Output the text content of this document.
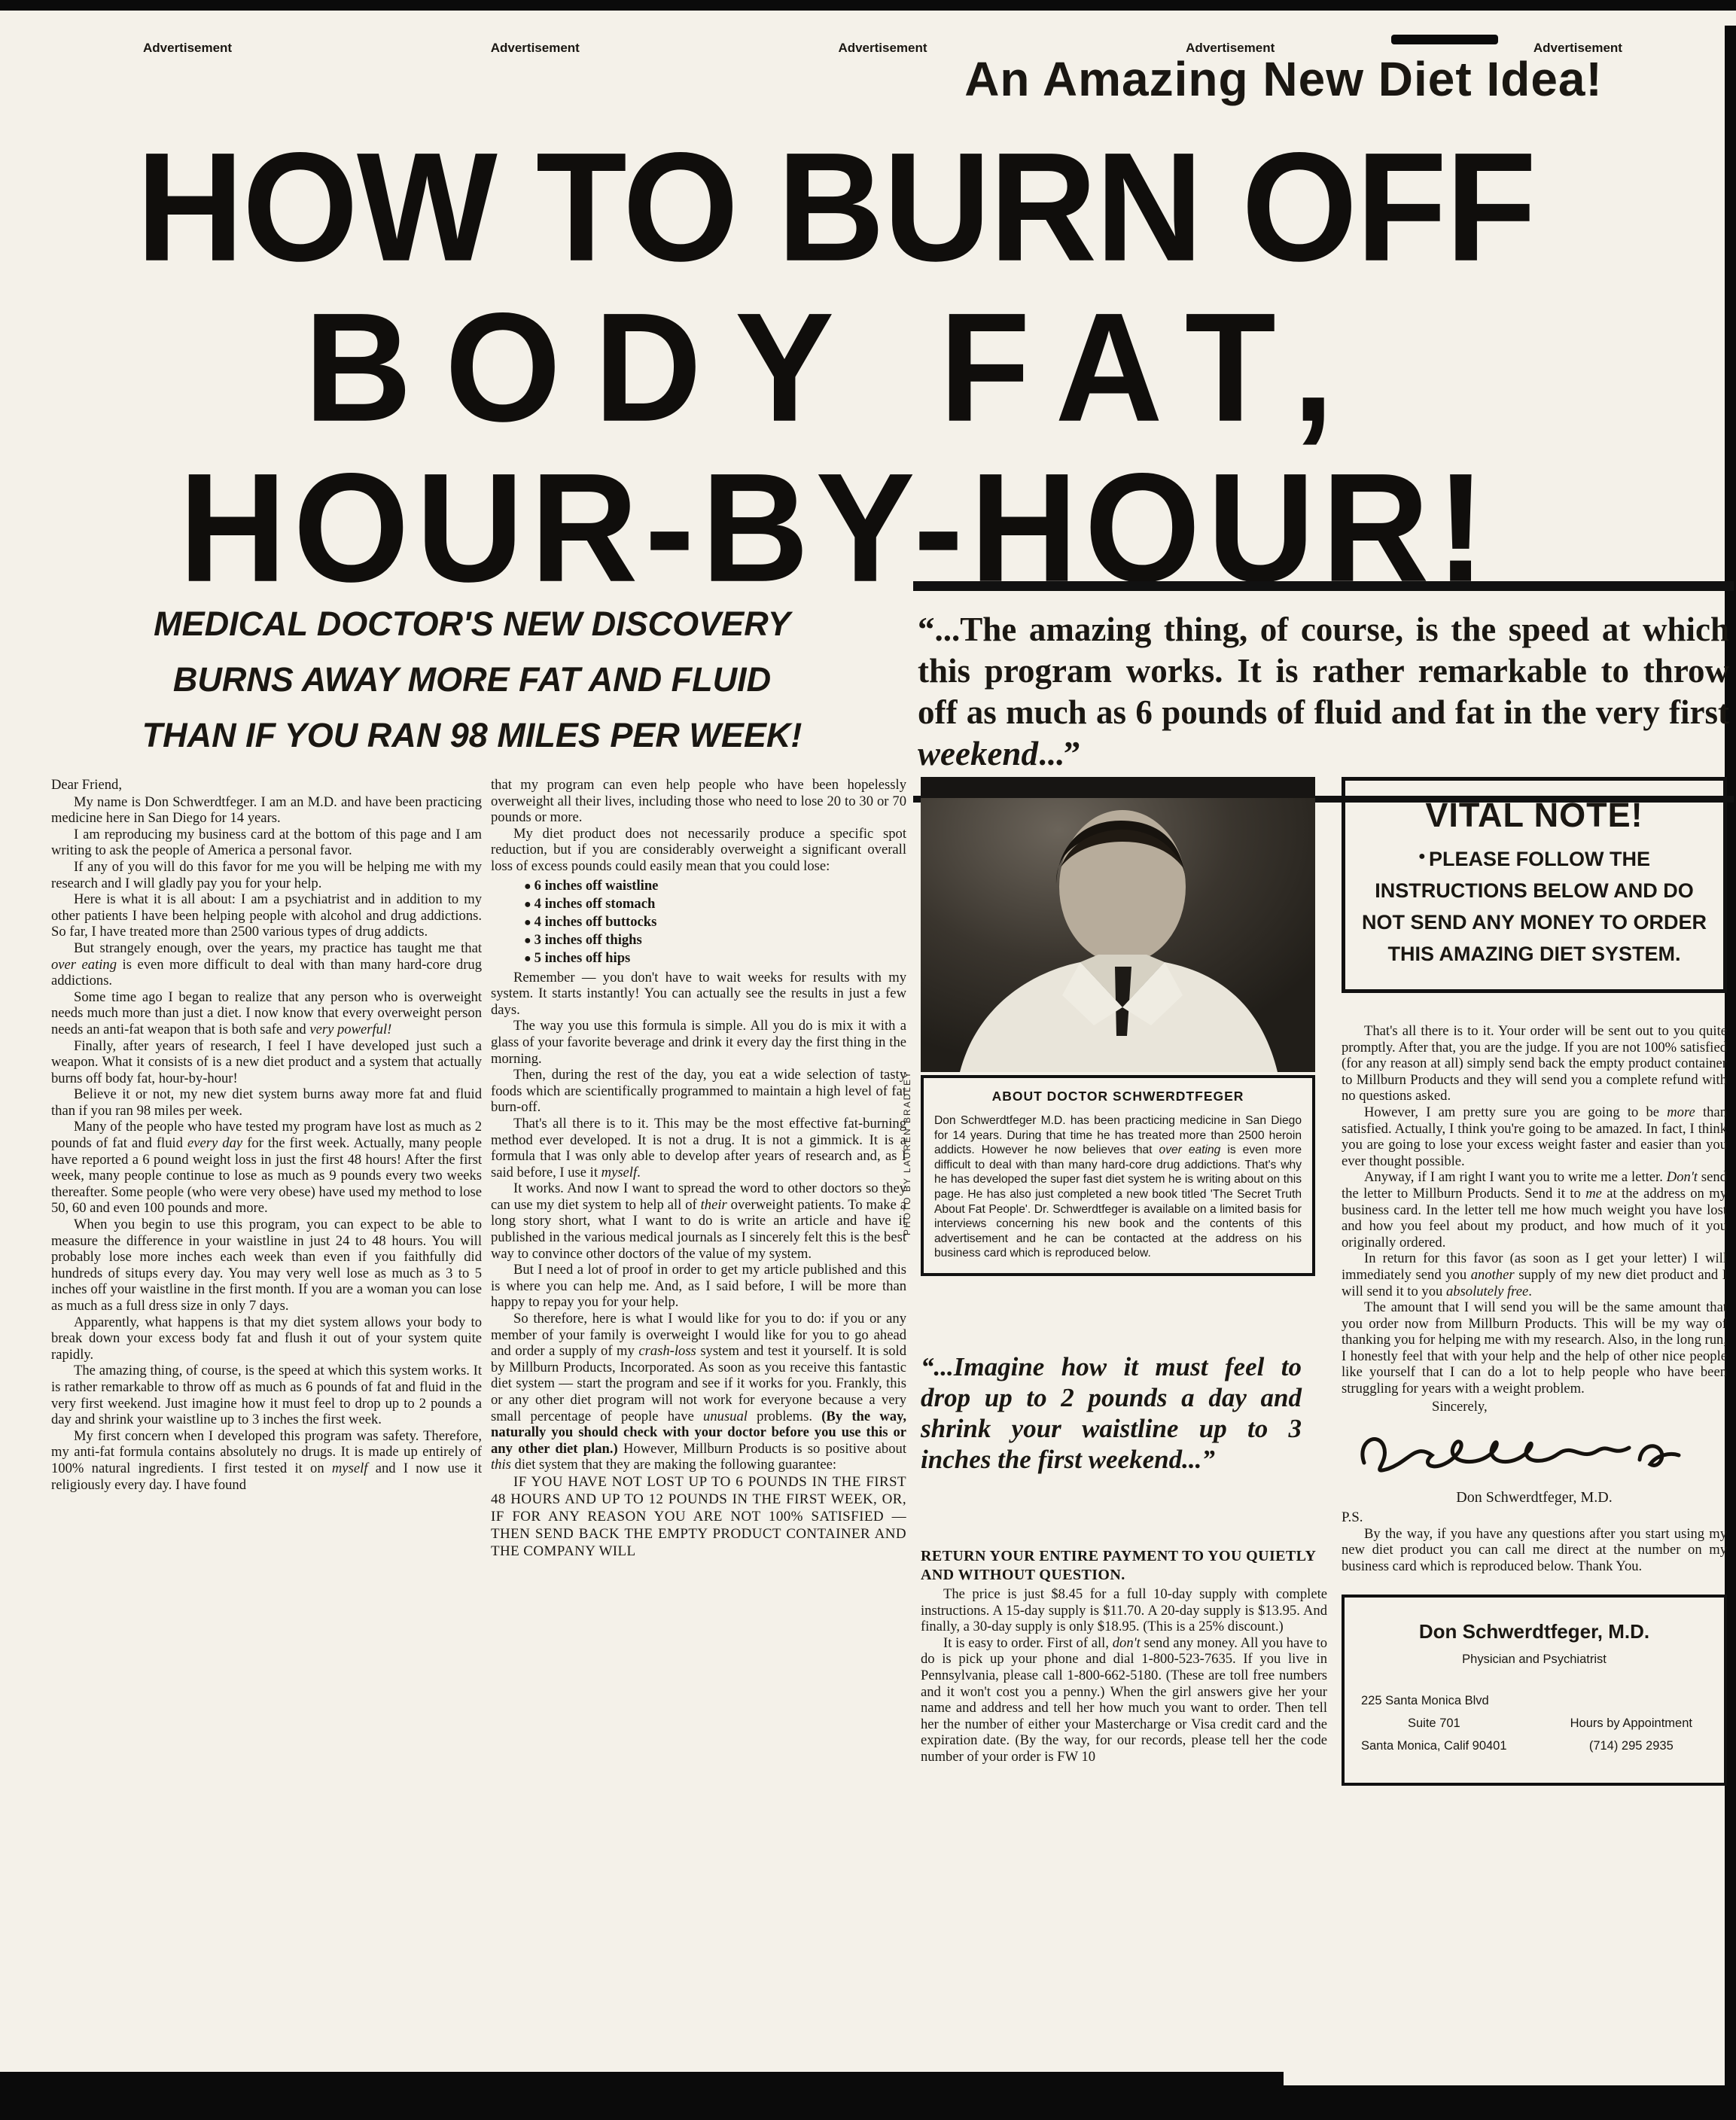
Advertisement	Advertisement	Advertisement	Advertisement	Advertisement
An Amazing New Diet Idea!
HOW TO BURN OFF
BODY FAT,
HOUR-BY-HOUR!
MEDICAL DOCTOR'S NEW DISCOVERY
BURNS AWAY MORE FAT AND FLUID
THAN IF YOU RAN 98 MILES PER WEEK!
“...The amazing thing, of course, is the speed at which this program works. It is rather remarkable to throw off as much as 6 pounds of fluid and fat in the very first weekend...”

Dear Friend,

My name is Don Schwerdtfeger. I am an M.D. and have been practicing medicine here in San Diego for 14 years.

I am reproducing my business card at the bottom of this page and I am writing to ask the people of America a personal favor.

If any of you will do this favor for me you will be helping me with my research and I will gladly pay you for your help.

Here is what it is all about: I am a psychiatrist and in addition to my other patients I have been helping people with alcohol and drug addictions. So far, I have treated more than 2500 various types of drug addicts.

But strangely enough, over the years, my practice has taught me that over eating is even more difficult to deal with than many hard-core drug addictions.

Some time ago I began to realize that any person who is overweight needs much more than just a diet. I now know that every overweight person needs an anti-fat weapon that is both safe and very powerful!

Finally, after years of research, I feel I have developed just such a weapon. What it consists of is a new diet product and a system that actually burns off body fat, hour-by-hour!

Believe it or not, my new diet system burns away more fat and fluid than if you ran 98 miles per week.

Many of the people who have tested my program have lost as much as 2 pounds of fat and fluid every day for the first week. Actually, many people have reported a 6 pound weight loss in just the first 48 hours! After the first week, many people continue to lose as much as 9 pounds every two weeks thereafter. Some people (who were very obese) have used my method to lose 50, 60 and even 100 pounds and more.

When you begin to use this program, you can expect to be able to measure the difference in your waistline in just 24 to 48 hours. You will probably lose more inches each week than even if you faithfully did hundreds of situps every day. You may very well lose as much as 3 to 5 inches off your waistline in the first month. If you are a woman you can lose as much as a full dress size in only 7 days.

Apparently, what happens is that my diet system allows your body to break down your excess body fat and flush it out of your system quite rapidly.

The amazing thing, of course, is the speed at which this system works. It is rather remarkable to throw off as much as 6 pounds of fat and fluid in the very first weekend. Just imagine how it must feel to drop up to 2 pounds a day and shrink your waistline up to 3 inches the first week.

My first concern when I developed this program was safety. Therefore, my anti-fat formula contains absolutely no drugs. It is made up entirely of 100% natural ingredients. I first tested it on myself and I now use it religiously every day. I have found

that my program can even help people who have been hopelessly overweight all their lives, including those who need to lose 20 to 30 or 70 pounds or more.

My diet product does not necessarily produce a specific spot reduction, but if you are considerably overweight a significant overall loss of excess pounds could easily mean that you could lose:

● 6 inches off waistline
● 4 inches off stomach
● 4 inches off buttocks
● 3 inches off thighs
● 5 inches off hips

Remember — you don't have to wait weeks for results with my system. It starts instantly! You can actually see the results in just a few days.

The way you use this formula is simple. All you do is mix it with a glass of your favorite beverage and drink it every day the first thing in the morning.

Then, during the rest of the day, you eat a wide selection of tasty foods which are scientifically programmed to maintain a high level of fat burn-off.

That's all there is to it. This may be the most effective fat-burning method ever developed. It is not a drug. It is not a gimmick. It is a formula that I was only able to develop after years of research and, as I said before, I use it myself.

It works. And now I want to spread the word to other doctors so they can use my diet system to help all of their overweight patients. To make a long story short, what I want to do is write an article and have it published in the various medical journals as I sincerely felt this is the best way to convince other doctors of the value of my system.

But I need a lot of proof in order to get my article published and this is where you can help me. And, as I said before, I will be more than happy to repay you for your help.

So therefore, here is what I would like for you to do: if you or any member of your family is overweight I would like for you to go ahead and order a supply of my crash-loss system and test it yourself. It is sold by Millburn Products, Incorporated. As soon as you receive this fantastic diet system — start the program and see if it works for you. Frankly, this or any other diet program will not work for everyone because a very small percentage of people have unusual problems. (By the way, naturally you should check with your doctor before you use this or any other diet plan.) However, Millburn Products is so positive about this diet system that they are making the following guarantee:

IF YOU HAVE NOT LOST UP TO 6 POUNDS IN THE FIRST 48 HOURS AND UP TO 12 POUNDS IN THE FIRST WEEK, OR, IF FOR ANY REASON YOU ARE NOT 100% SATISFIED — THEN SEND BACK THE EMPTY PRODUCT CONTAINER AND THE COMPANY WILL

PHOTO BY LAUREN BRADLEY	ABOUT DOCTOR SCHWERDTFEGER
Don Schwerdtfeger M.D. has been practicing medicine in San Diego for 14 years. During that time he has treated more than 2500 heroin addicts. However he now believes that over eating is even more difficult to deal with than many hard-core drug addictions. That's why he has developed the super fast diet system he is writing about on this page. He has also just completed a new book titled 'The Secret Truth About Fat People'. Dr. Schwerdtfeger is available on a limited basis for interviews concerning his new book and the contents of this advertisement and he can be contacted at the address on his business card which is reproduced below.
“...Imagine how it must feel to drop up to 2 pounds a day and shrink your waistline up to 3 inches the first weekend...”

RETURN YOUR ENTIRE PAYMENT TO YOU QUIETLY AND WITHOUT QUESTION.

The price is just $8.45 for a full 10-day supply with complete instructions. A 15-day supply is $11.70. A 20-day supply is $13.95. And finally, a 30-day supply is only $18.95. (This is a 25% discount.)

It is easy to order. First of all, don't send any money. All you have to do is pick up your phone and dial 1-800-523-7635. If you live in Pennsylvania, please call 1-800-662-5180. (These are toll free numbers and it won't cost you a penny.) When the girl answers give her your name and address and tell her how much you want to order. Then tell her the number of either your Mastercharge or Visa credit card and the expiration date. (By the way, for our records, please tell her the code number of your order is FW 10

VITAL NOTE!
● PLEASE FOLLOW THE INSTRUCTIONS BELOW AND DO NOT SEND ANY MONEY TO ORDER THIS AMAZING DIET SYSTEM.

That's all there is to it. Your order will be sent out to you quite promptly. After that, you are the judge. If you are not 100% satisfied (for any reason at all) simply send back the empty product container to Millburn Products and they will send you a complete refund with no questions asked.

However, I am pretty sure you are going to be more than satisfied. Actually, I think you're going to be amazed. In fact, I think you are going to lose your excess weight faster and easier than you ever thought possible.

Anyway, if I am right I want you to write me a letter. Don't send the letter to Millburn Products. Send it to me at the address on my business card. In the letter tell me how much weight you have lost and how you feel about my product, and how much of it you originally ordered.

In return for this favor (as soon as I get your letter) I will immediately send you another supply of my new diet product and I will send it to you absolutely free.

The amount that I will send you will be the same amount that you order now from Millburn Products. This will be my way of thanking you for helping me with my research. Also, in the long run, I honestly feel that with your help and the help of other nice people like yourself that I can do a lot to help people who have been struggling for years with a weight problem.

Sincerely,

Don Schwerdtfeger, M.D.

P.S.

By the way, if you have any questions after you start using my new diet product you can call me direct at the number on my business card which is reproduced below. Thank You.

Don Schwerdtfeger, M.D.
Physician and Psychiatrist
225 Santa Monica Blvd
Suite 701
Santa Monica, Calif 90401
Hours by Appointment
(714) 295 2935
